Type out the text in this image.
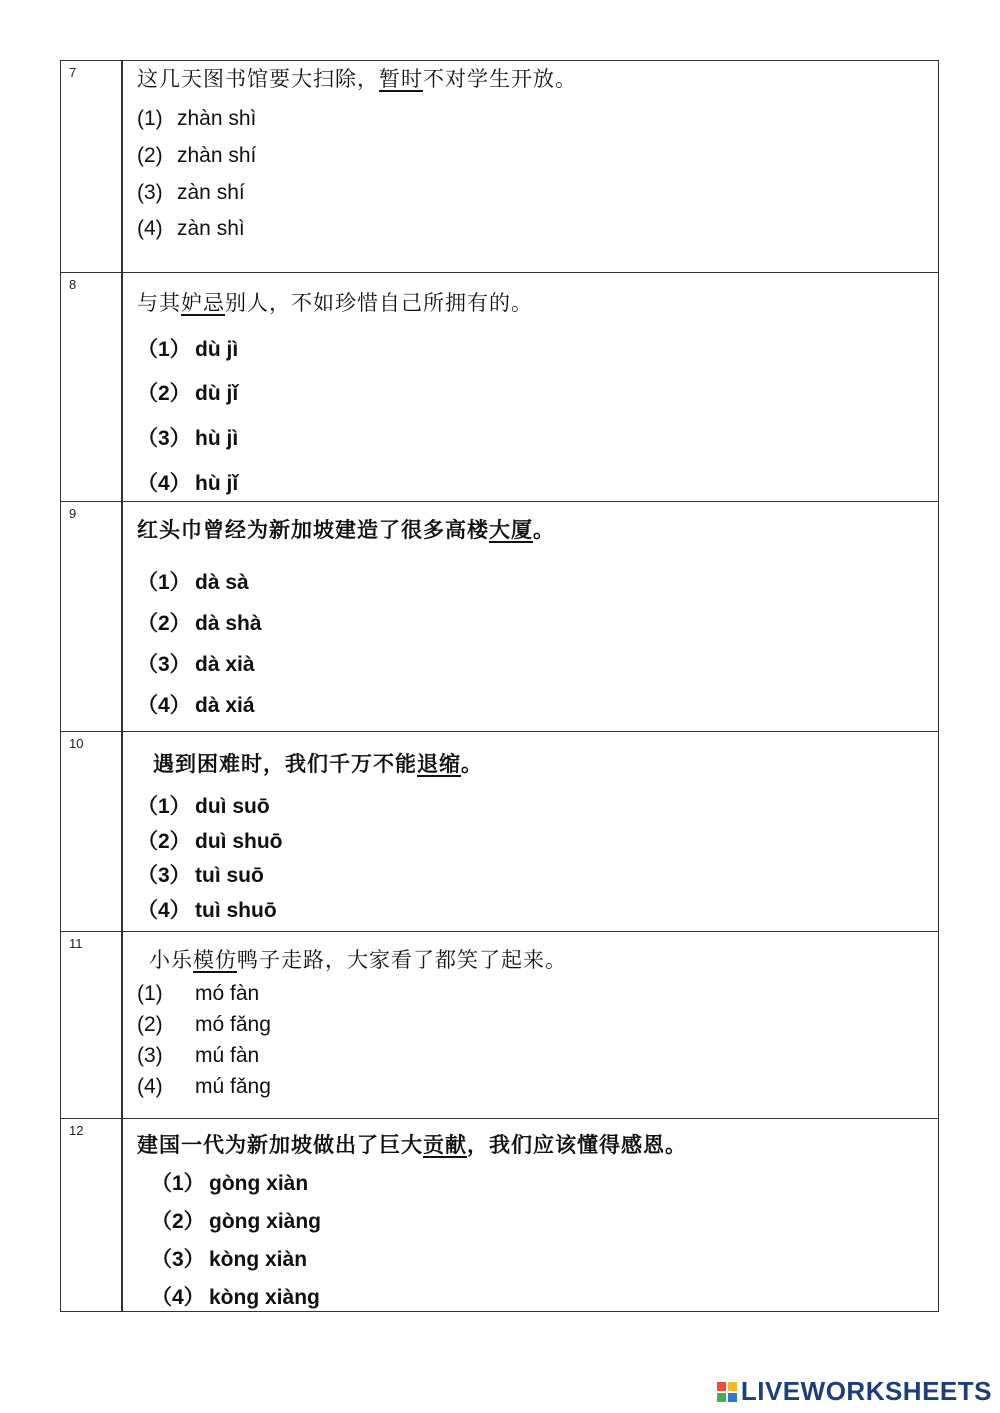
7	这几天图书馆要大扫除，暂时不对学生开放。
(1) zhàn shì
(2) zhàn shí
(3) zàn shí
(4) zàn shì
8
与其妒忌别人，不如珍惜自己所拥有的。
（1） dù jì
（2） dù jǐ
（3） hù jì
（4） hù jǐ
9
红头巾曾经为新加坡建造了很多高楼大厦。
（1） dà sà
（2） dà shà
（3） dà xià
（4） dà xiá
10
遇到困难时，我们千万不能退缩。
（1） duì suō
（2） duì shuō
（3） tuì suō
（4） tuì shuō
11
小乐模仿鸭子走路，大家看了都笑了起来。
(1) mó fàn
(2) mó fǎng
(3) mú fàn
(4) mú fǎng
12
建国一代为新加坡做出了巨大贡献，我们应该懂得感恩。
（1） gòng xiàn
（2） gòng xiàng
（3） kòng xiàn
（4） kòng xiàng
LIVEWORKSHEETS
